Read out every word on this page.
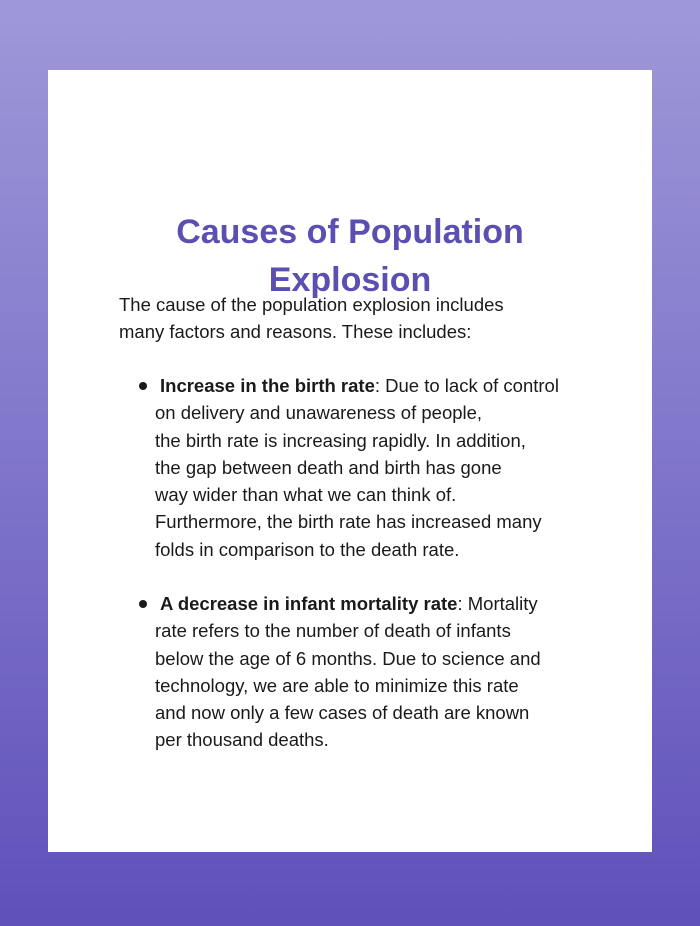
Causes of Population
Explosion
The cause of the population explosion includes
many factors and reasons. These includes:
Increase in the birth rate: Due to lack of control
on delivery and unawareness of people,
the birth rate is increasing rapidly. In addition,
the gap between death and birth has gone
way wider than what we can think of.
Furthermore, the birth rate has increased many
folds in comparison to the death rate.
A decrease in infant mortality rate: Mortality
rate refers to the number of death of infants
below the age of 6 months. Due to science and
technology, we are able to minimize this rate
and now only a few cases of death are known
per thousand deaths.
